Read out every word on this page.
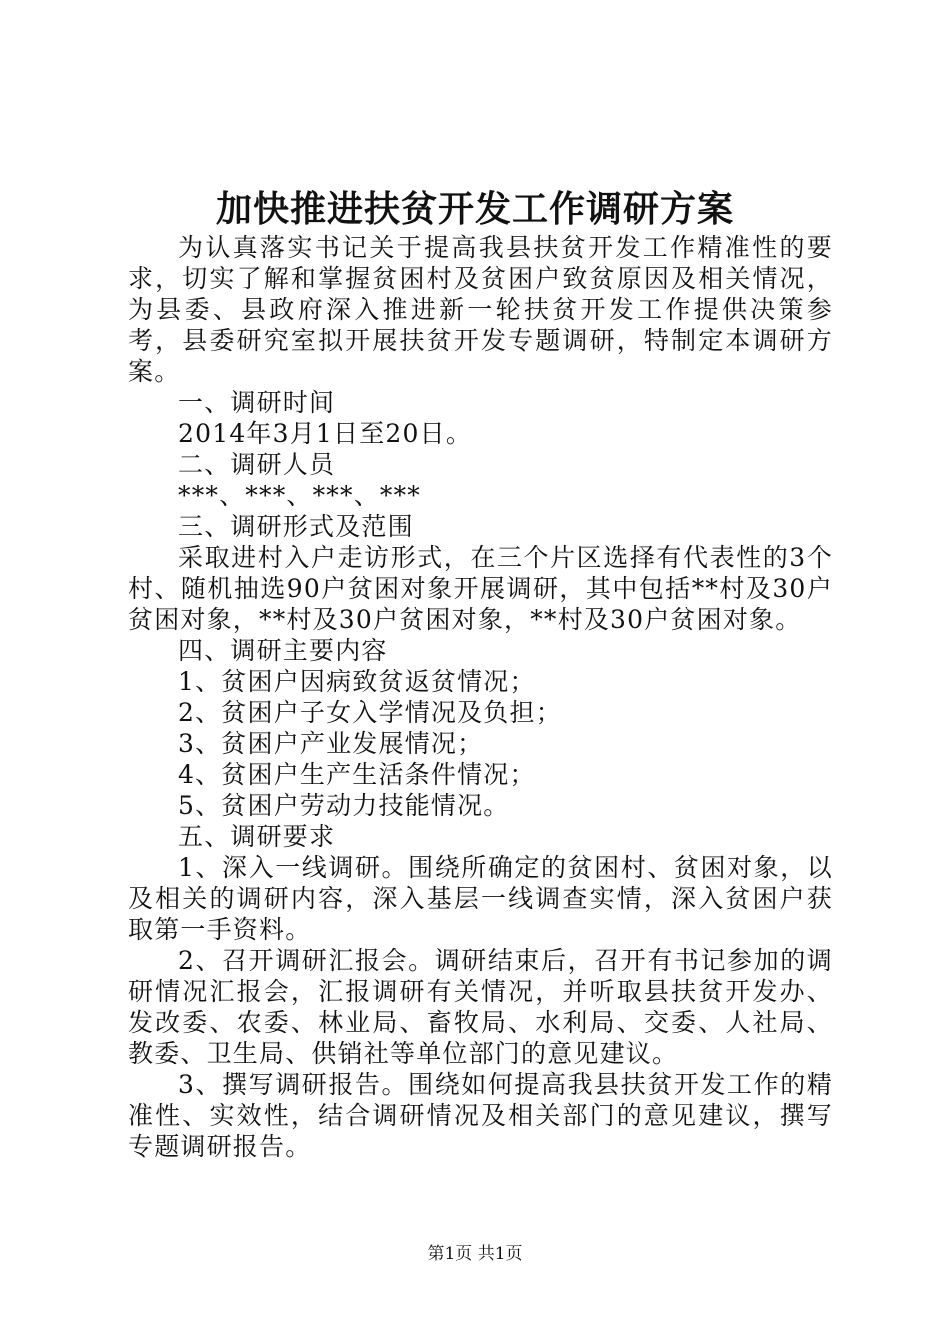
加快推进扶贫开发工作调研方案

为认真落实书记关于提高我县扶贫开发工作精准性的要求，切实了解和掌握贫困村及贫困户致贫原因及相关情况，为县委、县政府深入推进新一轮扶贫开发工作提供决策参考，县委研究室拟开展扶贫开发专题调研，特制定本调研方案。

一、调研时间

2014年3月1日至20日。

二、调研人员

***、***、***、***

三、调研形式及范围

采取进村入户走访形式，在三个片区选择有代表性的3个村、随机抽选90户贫困对象开展调研，其中包括**村及30户贫困对象，**村及30户贫困对象，**村及30户贫困对象。

四、调研主要内容

1、贫困户因病致贫返贫情况；

2、贫困户子女入学情况及负担；

3、贫困户产业发展情况；

4、贫困户生产生活条件情况；

5、贫困户劳动力技能情况。

五、调研要求

1、深入一线调研。围绕所确定的贫困村、贫困对象，以及相关的调研内容，深入基层一线调查实情，深入贫困户获取第一手资料。

2、召开调研汇报会。调研结束后，召开有书记参加的调研情况汇报会，汇报调研有关情况，并听取县扶贫开发办、发改委、农委、林业局、畜牧局、水利局、交委、人社局、教委、卫生局、供销社等单位部门的意见建议。

3、撰写调研报告。围绕如何提高我县扶贫开发工作的精准性、实效性，结合调研情况及相关部门的意见建议，撰写专题调研报告。

第1页 共1页
